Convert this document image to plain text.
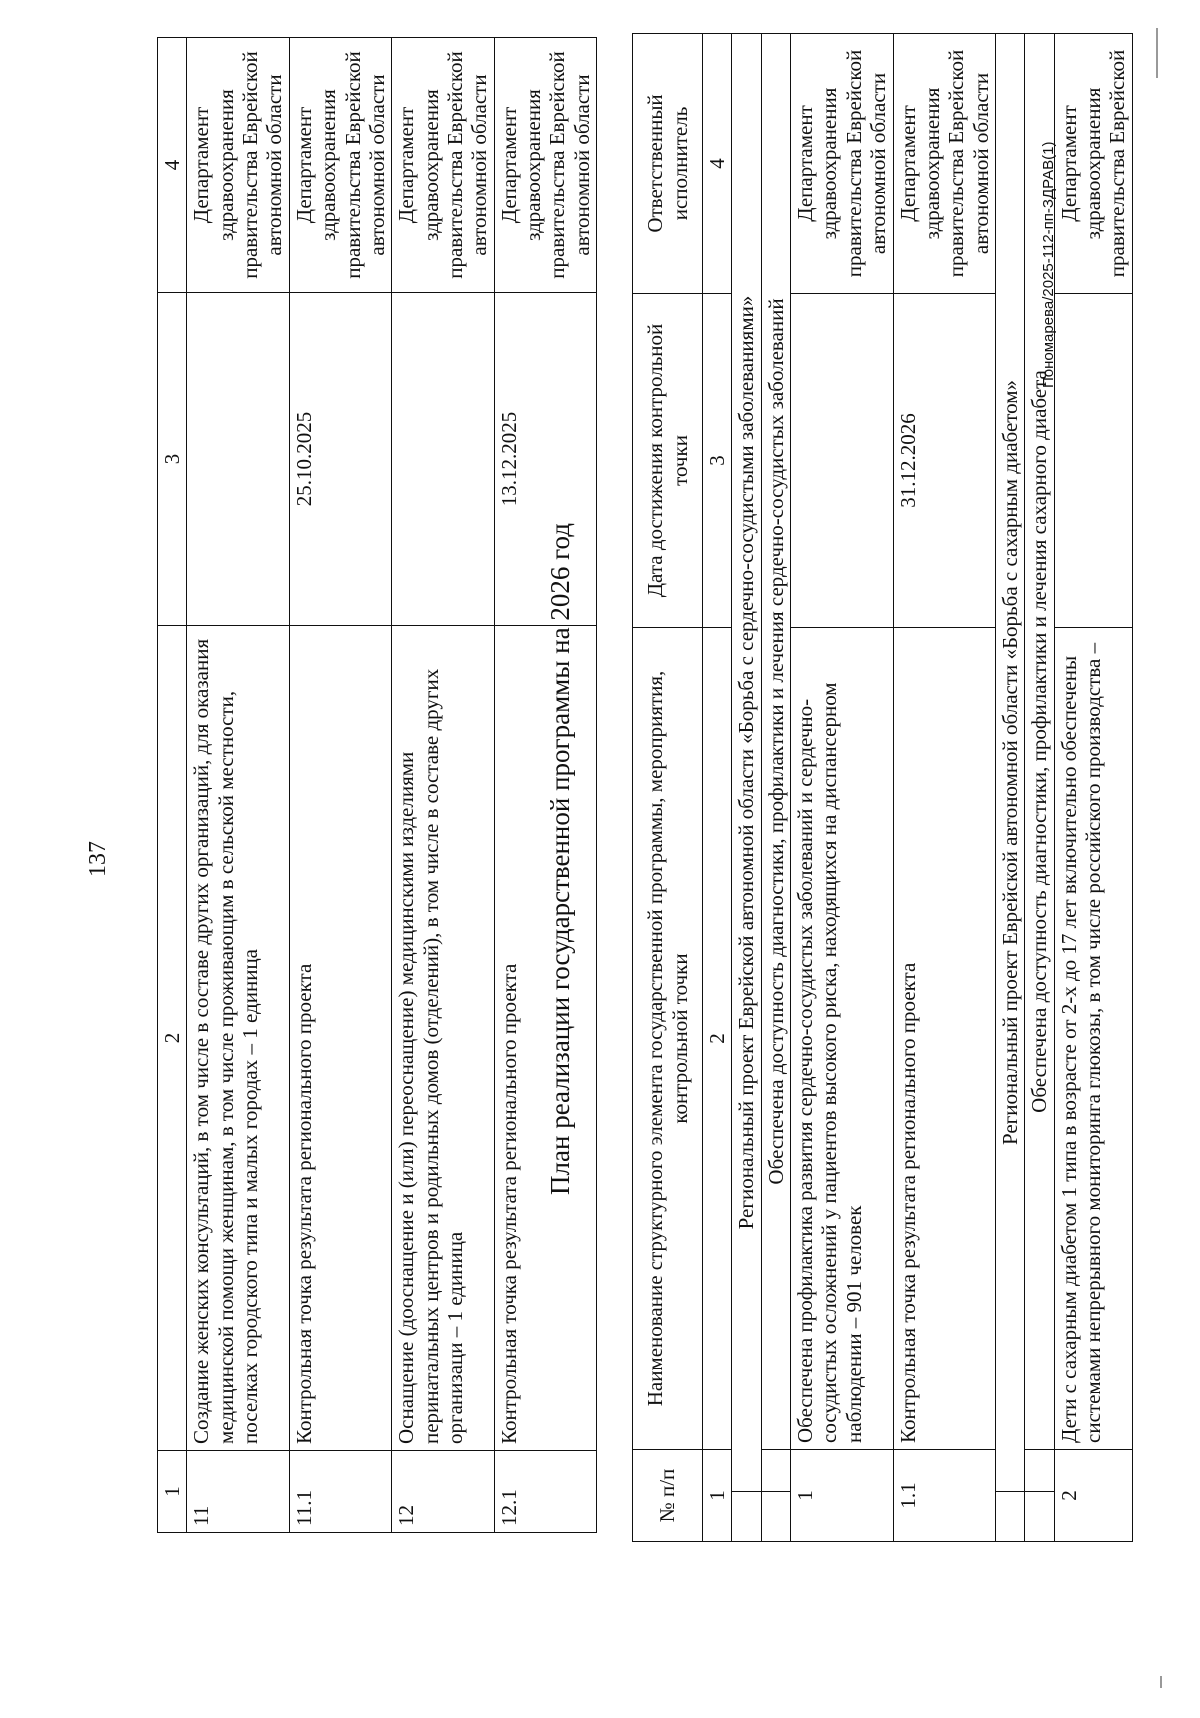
137
1	2	3	4
11	Создание женских консультаций, в том числе в составе других организаций, для оказания медицинской помощи женщинам, в том числе проживающим в сельской местности, поселках городского типа и малых городах – 1 единица		Департамент здравоохранения правительства Еврейской автономной области
11.1	Контрольная точка результата регионального проекта	25.10.2025	Департамент здравоохранения правительства Еврейской автономной области
12	Оснащение (дооснащение и (или) переоснащение) медицинскими изделиями перинатальных центров и родильных домов (отделений), в том числе в составе других организаци – 1 единица		Департамент здравоохранения правительства Еврейской автономной области
12.1	Контрольная точка результата регионального проекта	13.12.2025	Департамент здравоохранения правительства Еврейской автономной области
План реализации государственной программы на 2026 год
№ п/п		Наименование структурного элемента государственной программы, мероприятия, контрольной точки	Дата достижения контрольной точки	Ответственный исполнитель
1		2	3	4
	Региональный проект Еврейской автономной области «Борьба с сердечно-сосудистыми заболеваниями»			
		Обеспечена доступность диагностики, профилактики и лечения сердечно-сосудистых заболеваний		
1		Обеспечена профилактика развития сердечно-сосудистых заболеваний и сердечно-сосудистых осложнений у пациентов высокого риска, находящихся на диспансерном наблюдении – 901 человек		Департамент здравоохранения правительства Еврейской автономной области
1.1		Контрольная точка результата регионального проекта	31.12.2026	Департамент здравоохранения правительства Еврейской автономной области
	Региональный проект Еврейской автономной области «Борьба с сахарным диабетом»			
		Обеспечена доступность диагностики, профилактики и лечения сахарного диабета		
2		Дети с сахарным диабетом 1 типа в возрасте от 2-х до 17 лет включительно обеспечены системами непрерывного мониторинга глюкозы, в том числе российского производства –		Департамент здравоохранения правительства Еврейской
Пономарева/2025-112-пп-ЗДРАВ(1)
